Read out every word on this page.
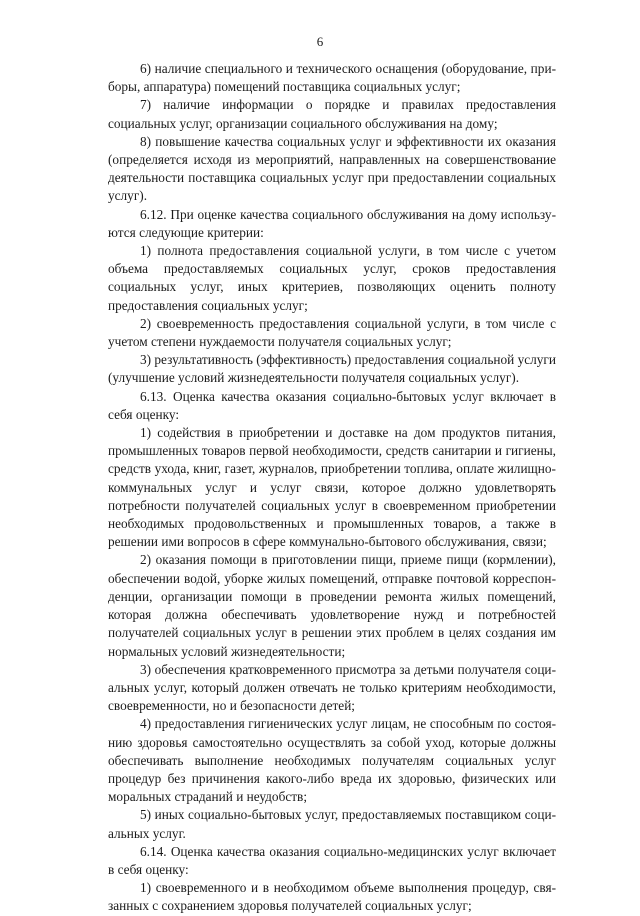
6

6) наличие специального и технического оснащения (оборудование, приборы, аппаратура) помещений поставщика социальных услуг;

7) наличие информации о порядке и правилах предоставления социальных услуг, организации социального обслуживания на дому;

8) повышение качества социальных услуг и эффективности их оказания (определяется исходя из мероприятий, направленных на совершенствование деятельности поставщика социальных услуг при предоставлении социальных услуг).

6.12. При оценке качества социального обслуживания на дому используются следующие критерии:

1) полнота предоставления социальной услуги, в том числе с учетом объема предоставляемых социальных услуг, сроков предоставления социальных услуг, иных критериев, позволяющих оценить полноту предоставления социальных услуг;

2) своевременность предоставления социальной услуги, в том числе с учетом степени нуждаемости получателя социальных услуг;

3) результативность (эффективность) предоставления социальной услуги (улучшение условий жизнедеятельности получателя социальных услуг).

6.13. Оценка качества оказания социально-бытовых услуг включает в себя оценку:

1) содействия в приобретении и доставке на дом продуктов питания, промышленных товаров первой необходимости, средств санитарии и гигиены, средств ухода, книг, газет, журналов, приобретении топлива, оплате жилищно-коммунальных услуг и услуг связи, которое должно удовлетворять потребности получателей социальных услуг в своевременном приобретении необходимых продовольственных и промышленных товаров, а также в решении ими вопросов в сфере коммунально-бытового обслуживания, связи;

2) оказания помощи в приготовлении пищи, приеме пищи (кормлении), обеспечении водой, уборке жилых помещений, отправке почтовой корреспонденции, организации помощи в проведении ремонта жилых помещений, которая должна обеспечивать удовлетворение нужд и потребностей получателей социальных услуг в решении этих проблем в целях создания им нормальных условий жизнедеятельности;

3) обеспечения кратковременного присмотра за детьми получателя социальных услуг, который должен отвечать не только критериям необходимости, своевременности, но и безопасности детей;

4) предоставления гигиенических услуг лицам, не способным по состоянию здоровья самостоятельно осуществлять за собой уход, которые должны обеспечивать выполнение необходимых получателям социальных услуг процедур без причинения какого-либо вреда их здоровью, физических или моральных страданий и неудобств;

5) иных социально-бытовых услуг, предоставляемых поставщиком социальных услуг.

6.14. Оценка качества оказания социально-медицинских услуг включает в себя оценку:

1) своевременного и в необходимом объеме выполнения процедур, связанных с сохранением здоровья получателей социальных услуг;
